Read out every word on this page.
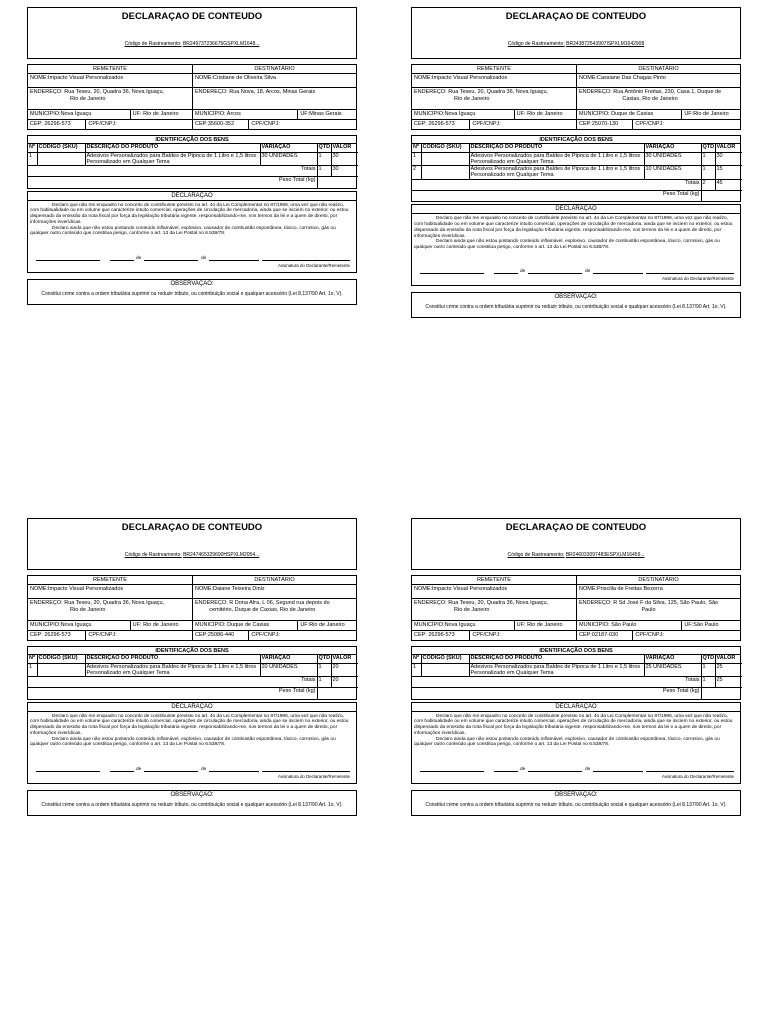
DECLARAÇAO DE CONTEUDO
Código de Rastreamento: BR249737236675GSPXLM1648...
REMETENTE	DESTINATÁRIO
NOME:Impacto Visual Personalizados	NOME:Cristiane de Oliveira Silva
ENDEREÇO: Rua Teseu, 20, Quadra 36, Nova Iguaçu,
Rio de Janeiro
ENDEREÇO: Rua Nova, 18, Arcos, Minas Gerais
MUNICÍPIO:Nova Iguaçu	UF: Rio de Janeiro	MUNICÍPIO: Arcos	UF:Minas Gerais
CEP: 26296-573	CPF/CNPJ:	CEP:35600-352	CPF/CNPJ:
IDENTIFICAÇÃO DOS BENS
Nº	CÓDIGO (SKU)	DESCRIÇÃO DO PRODUTO	VARIAÇÃO	QTD	VALOR
1		Adesivos Personalizados para Baldes de Pipoca de 1 Litro e 1,5 litros Personalizado em Qualquer Tema	30 UNIDADES	1	30
Totais				1	30
Peso Total (kg)					
DECLARAÇÃO

Declaro que não me enquadro no conceito de contribuinte previsto no art. 4o da Lei Complementar no 87/1996, uma vez que não realizo, com habitualidade ou em volume que caracterize intuito comercial, operações de circulação de mercadoria, ainda que se iniciem no exterior, ou estou dispensado da emissão da nota fiscal por força da legislação tributária vigente, responsabilizando-me, nos termos da lei e a quem de direito, por informações inverídicas.

Declaro ainda que não estou postando conteúdo inflamável, explosivo, causador de combustão espontânea, tóxico, corrosivo, gás ou qualquer outro conteúdo que constitua perigo, conforme o art. 13 da Lei Postal no 6.538/78.

de	de
Assinatura do Declarante/Remetente
OBSERVAÇÃO:
Constitui crime contra a ordem tributária suprimir ou reduzir tributo, ou contribuição social e qualquer acessório (Lei 8.137/90 Art. 1o, V).
DECLARAÇAO DE CONTEUDO
Código de Rastreamento: BR243872543907ISPXLM1642908
REMETENTE	DESTINATÁRIO
NOME:Impacto Visual Personalizados	NOME:Cassiane Das Chagas Pinto
ENDEREÇO: Rua Teseu, 20, Quadra 36, Nova Iguaçu,
Rio de Janeiro
ENDEREÇO: Rua Antônio Freitas, 230, Casa 1, Duque de
Caxias, Rio de Janeiro
MUNICÍPIO:Nova Iguaçu	UF: Rio de Janeiro	MUNICÍPIO: Duque de Caxias	UF:Rio de Janeiro
CEP: 26296-573	CPF/CNPJ:	CEP:25070-130	CPF/CNPJ:
IDENTIFICAÇÃO DOS BENS
Nº	CÓDIGO (SKU)	DESCRIÇÃO DO PRODUTO	VARIAÇÃO	QTD	VALOR
1		Adesivos Personalizados para Baldes de Pipoca de 1 Litro e 1,5 litros Personalizado em Qualquer Tema	30 UNIDADES	1	30
2		Adesivos Personalizados para Baldes de Pipoca de 1 Litro e 1,5 litros Personalizado em Qualquer Tema	10 UNIDADES	1	15
Totais				2	45
Peso Total (kg)					
DECLARAÇÃO

Declaro que não me enquadro no conceito de contribuinte previsto no art. 4o da Lei Complementar no 87/1996, uma vez que não realizo, com habitualidade ou em volume que caracterize intuito comercial, operações de circulação de mercadoria, ainda que se iniciem no exterior, ou estou dispensado da emissão da nota fiscal por força da legislação tributária vigente, responsabilizando-me, nos termos da lei e a quem de direito, por informações inverídicas.

Declaro ainda que não estou postando conteúdo inflamável, explosivo, causador de combustão espontânea, tóxico, corrosivo, gás ou qualquer outro conteúdo que constitua perigo, conforme o art. 13 da Lei Postal no 6.538/78.

de	de
Assinatura do Declarante/Remetente
OBSERVAÇÃO:
Constitui crime contra a ordem tributária suprimir ou reduzir tributo, ou contribuição social e qualquer acessório (Lei 8.137/90 Art. 1o, V).
DECLARAÇAO DE CONTEUDO
Código de Rastreamento: BR247465329690HSPXLM2054...
REMETENTE	DESTINATÁRIO
NOME:Impacto Visual Personalizados	NOME:Daiane Teixeira Diniz
ENDEREÇO: Rua Teseu, 20, Quadra 36, Nova Iguaçu,
Rio de Janeiro
ENDEREÇO: R Dona Afra, L 06, Segund rua depois do
cemitério, Duque de Caxias, Rio de Janeiro
MUNICÍPIO:Nova Iguaçu	UF: Rio de Janeiro	MUNICÍPIO: Duque de Caxias	UF:Rio de Janeiro
CEP: 26296-573	CPF/CNPJ:	CEP:25086-440	CPF/CNPJ:
IDENTIFICAÇÃO DOS BENS
Nº	CÓDIGO (SKU)	DESCRIÇÃO DO PRODUTO	VARIAÇÃO	QTD	VALOR
1		Adesivos Personalizados para Baldes de Pipoca de 1 Litro e 1,5 litros Personalizado em Qualquer Tema	20 UNIDADES	1	20
Totais				1	20
Peso Total (kg)					
DECLARAÇÃO

Declaro que não me enquadro no conceito de contribuinte previsto no art. 4o da Lei Complementar no 87/1996, uma vez que não realizo, com habitualidade ou em volume que caracterize intuito comercial, operações de circulação de mercadoria, ainda que se iniciem no exterior, ou estou dispensado da emissão da nota fiscal por força da legislação tributária vigente, responsabilizando-me, nos termos da lei e a quem de direito, por informações inverídicas.

Declaro ainda que não estou postando conteúdo inflamável, explosivo, causador de combustão espontânea, tóxico, corrosivo, gás ou qualquer outro conteúdo que constitua perigo, conforme o art. 13 da Lei Postal no 6.538/78.

de	de
Assinatura do Declarante/Remetente
OBSERVAÇÃO:
Constitui crime contra a ordem tributária suprimir ou reduzir tributo, ou contribuição social e qualquer acessório (Lei 8.137/90 Art. 1o, V).
DECLARAÇAO DE CONTEUDO
Código de Rastreamento: BR246033097483ESPXLM16459...
REMETENTE	DESTINATÁRIO
NOME:Impacto Visual Personalizados	NOME:Priscilla de Freitas Bezerra
ENDEREÇO: Rua Teseu, 20, Quadra 36, Nova Iguaçu,
Rio de Janeiro
ENDEREÇO: R Sd José F da Silva, 125, São Paulo, São
Paulo
MUNICÍPIO:Nova Iguaçu	UF: Rio de Janeiro	MUNICÍPIO: São Paulo	UF:São Paulo
CEP: 26296-573	CPF/CNPJ:	CEP:02187-030	CPF/CNPJ:
IDENTIFICAÇÃO DOS BENS
Nº	CÓDIGO (SKU)	DESCRIÇÃO DO PRODUTO	VARIAÇÃO	QTD	VALOR
1		Adesivos Personalizados para Baldes de Pipoca de 1 Litro e 1,5 litros Personalizado em Qualquer Tema	25 UNIDADES	1	25
Totais				1	25
Peso Total (kg)					
DECLARAÇÃO

Declaro que não me enquadro no conceito de contribuinte previsto no art. 4o da Lei Complementar no 87/1996, uma vez que não realizo, com habitualidade ou em volume que caracterize intuito comercial, operações de circulação de mercadoria, ainda que se iniciem no exterior, ou estou dispensado da emissão da nota fiscal por força da legislação tributária vigente, responsabilizando-me, nos termos da lei e a quem de direito, por informações inverídicas.

Declaro ainda que não estou postando conteúdo inflamável, explosivo, causador de combustão espontânea, tóxico, corrosivo, gás ou qualquer outro conteúdo que constitua perigo, conforme o art. 13 da Lei Postal no 6.538/78.

de	de
Assinatura do Declarante/Remetente
OBSERVAÇÃO:
Constitui crime contra a ordem tributária suprimir ou reduzir tributo, ou contribuição social e qualquer acessório (Lei 8.137/90 Art. 1o, V).
